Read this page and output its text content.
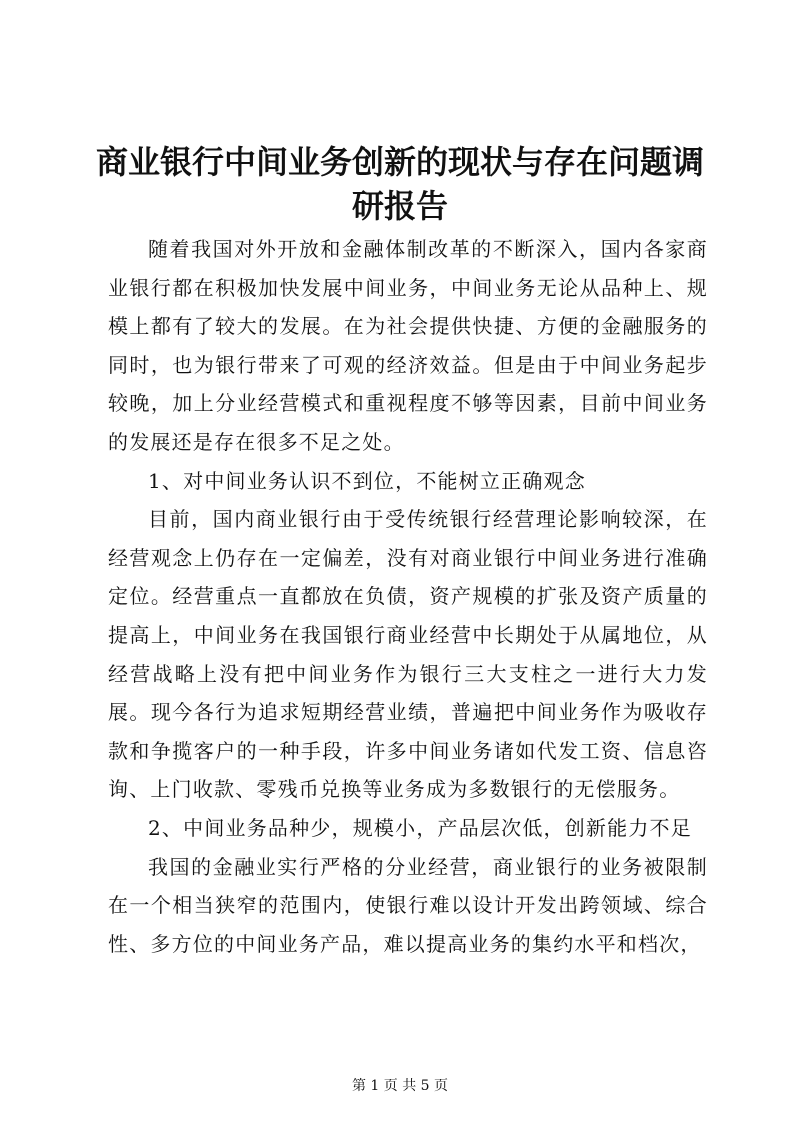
商业银行中间业务创新的现状与存在问题调研报告

随着我国对外开放和金融体制改革的不断深入，国内各家商业银行都在积极加快发展中间业务，中间业务无论从品种上、规模上都有了较大的发展。在为社会提供快捷、方便的金融服务的同时，也为银行带来了可观的经济效益。但是由于中间业务起步较晚，加上分业经营模式和重视程度不够等因素，目前中间业务的发展还是存在很多不足之处。

1、对中间业务认识不到位，不能树立正确观念

目前，国内商业银行由于受传统银行经营理论影响较深，在经营观念上仍存在一定偏差，没有对商业银行中间业务进行准确定位。经营重点一直都放在负债，资产规模的扩张及资产质量的提高上，中间业务在我国银行商业经营中长期处于从属地位，从经营战略上没有把中间业务作为银行三大支柱之一进行大力发展。现今各行为追求短期经营业绩，普遍把中间业务作为吸收存款和争揽客户的一种手段，许多中间业务诸如代发工资、信息咨询、上门收款、零残币兑换等业务成为多数银行的无偿服务。

2、中间业务品种少，规模小，产品层次低，创新能力不足

我国的金融业实行严格的分业经营，商业银行的业务被限制在一个相当狭窄的范围内，使银行难以设计开发出跨领域、综合性、多方位的中间业务产品，难以提高业务的集约水平和档次，

第 1 页 共 5 页
